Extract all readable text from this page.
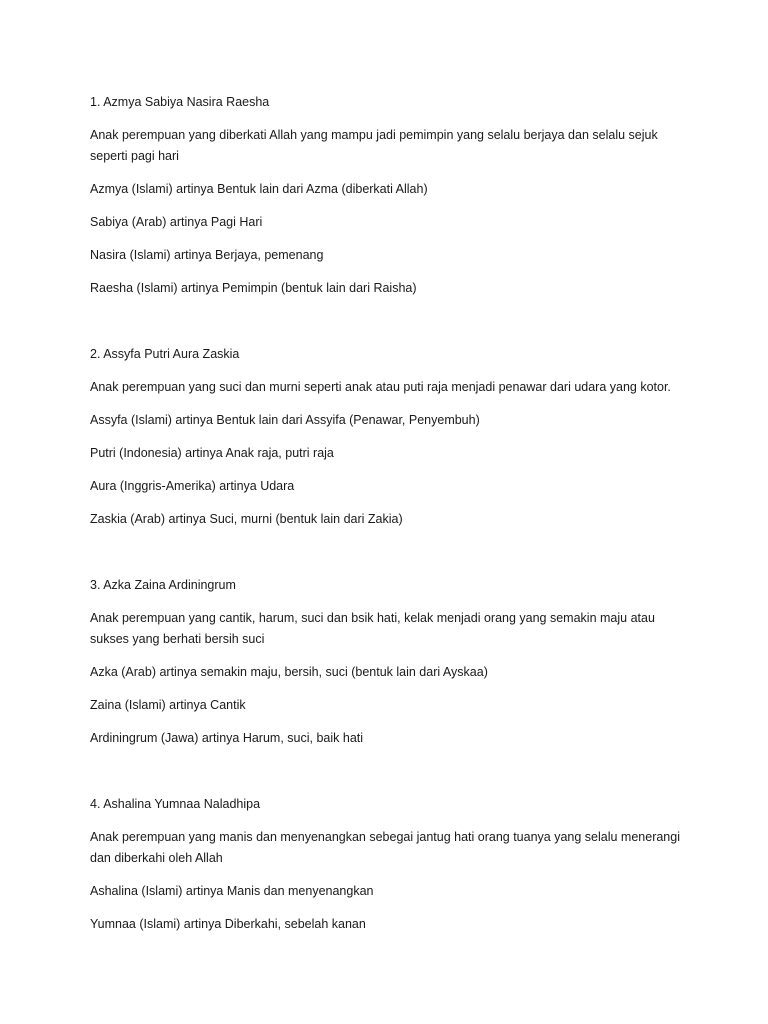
1. Azmya Sabiya Nasira Raesha

Anak perempuan yang diberkati Allah yang mampu jadi pemimpin yang selalu berjaya dan selalu sejuk seperti pagi hari

Azmya (Islami) artinya Bentuk lain dari Azma (diberkati Allah)

Sabiya (Arab) artinya Pagi Hari

Nasira (Islami) artinya Berjaya, pemenang

Raesha (Islami) artinya Pemimpin (bentuk lain dari Raisha)

2. Assyfa Putri Aura Zaskia

Anak perempuan yang suci dan murni seperti anak atau puti raja menjadi penawar dari udara yang kotor.

Assyfa (Islami) artinya Bentuk lain dari Assyifa (Penawar, Penyembuh)

Putri (Indonesia) artinya Anak raja, putri raja

Aura (Inggris-Amerika) artinya Udara

Zaskia (Arab) artinya Suci, murni (bentuk lain dari Zakia)

3. Azka Zaina Ardiningrum

Anak perempuan yang cantik, harum, suci dan bsik hati, kelak menjadi orang yang semakin maju atau sukses yang berhati bersih suci

Azka (Arab) artinya semakin maju, bersih, suci (bentuk lain dari Ayskaa)

Zaina (Islami) artinya Cantik

Ardiningrum (Jawa) artinya Harum, suci, baik hati

4. Ashalina Yumnaa Naladhipa

Anak perempuan yang manis dan menyenangkan sebegai jantug hati orang tuanya yang selalu menerangi dan diberkahi oleh Allah

Ashalina (Islami) artinya Manis dan menyenangkan

Yumnaa (Islami) artinya Diberkahi, sebelah kanan
